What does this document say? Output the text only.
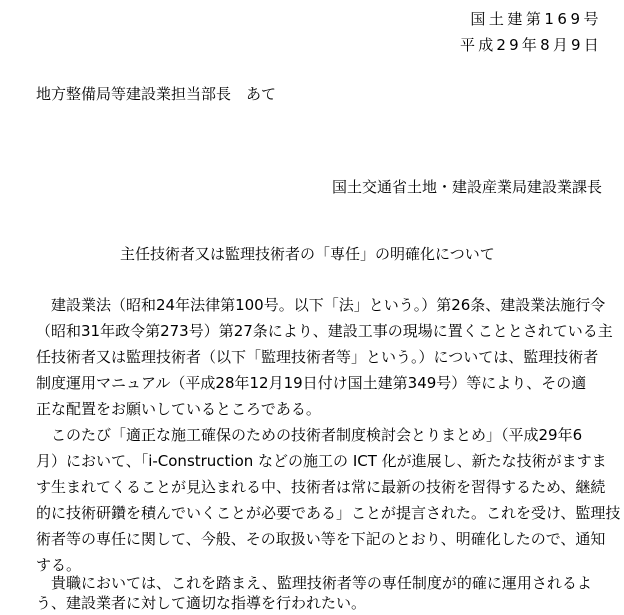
国土建第169号
平成29年8月9日
地方整備局等建設業担当部長　あて
国土交通省土地・建設産業局建設業課長
主任技術者又は監理技術者の「専任」の明確化について
建設業法（昭和24年法律第100号。以下「法」という。）第26条、建設業法施行令
（昭和31年政令第273号）第27条により、建設工事の現場に置くこととされている主
任技術者又は監理技術者（以下「監理技術者等」という。）については、監理技術者
制度運用マニュアル（平成28年12月19日付け国土建第349号）等により、その適
正な配置をお願いしているところである。
このたび「適正な施工確保のための技術者制度検討会とりまとめ」（平成29年6
月）において、「i-Construction などの施工の ICT 化が進展し、新たな技術がますま
す生まれてくることが見込まれる中、技術者は常に最新の技術を習得するため、継続
的に技術研鑽を積んでいくことが必要である」ことが提言された。これを受け、監理技
術者等の専任に関して、今般、その取扱い等を下記のとおり、明確化したので、通知
する。
貴職においては、これを踏まえ、監理技術者等の専任制度が的確に運用されるよ
う、建設業者に対して適切な指導を行われたい。
